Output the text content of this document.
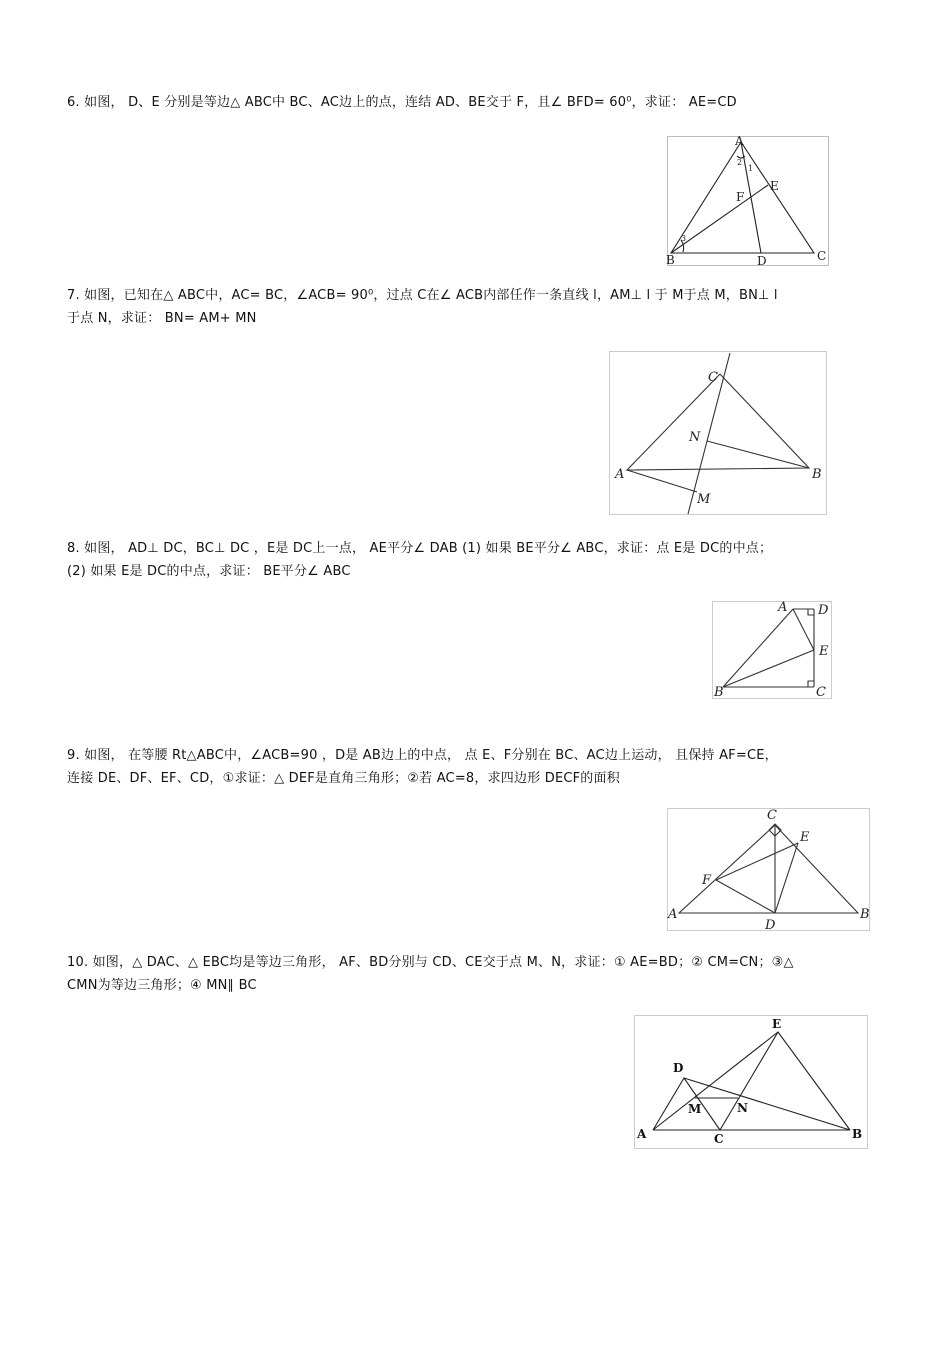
6. 如图， D、E 分别是等边△ ABC中 BC、AC边上的点，连结 AD、BE交于 F，且∠ BFD= 60⁰，求证： AE=CD
A
B	C
D
E
F
1
2
3
7. 如图，已知在△ ABC中，AC= BC，∠ACB= 90⁰，过点 C在∠ ACB内部任作一条直线 l，AM⊥ l 于 M于点 M，BN⊥ l
于点 N，求证： BN= AM+ MN
C
A	B
N
M
8. 如图， AD⊥ DC，BC⊥ DC ，E是 DC上一点， AE平分∠ DAB (1) 如果 BE平分∠ ABC，求证：点 E是 DC的中点；
(2) 如果 E是 DC的中点，求证： BE平分∠ ABC
A D
E
C
B
9. 如图， 在等腰 Rt△ABC中，∠ACB=90 ，D是 AB边上的中点， 点 E、F分别在 BC、AC边上运动， 且保持 AF=CE，
连接 DE、DF、EF、CD，①求证：△ DEF是直角三角形；②若 AC=8，求四边形 DECF的面积
C
E
F
A	B
D
10. 如图，△ DAC、△ EBC均是等边三角形， AF、BD分别与 CD、CE交于点 M、N，求证：① AE=BD；② CM=CN；③△
CMN为等边三角形；④ MN∥ BC
E
D
M	N
A	C	B
